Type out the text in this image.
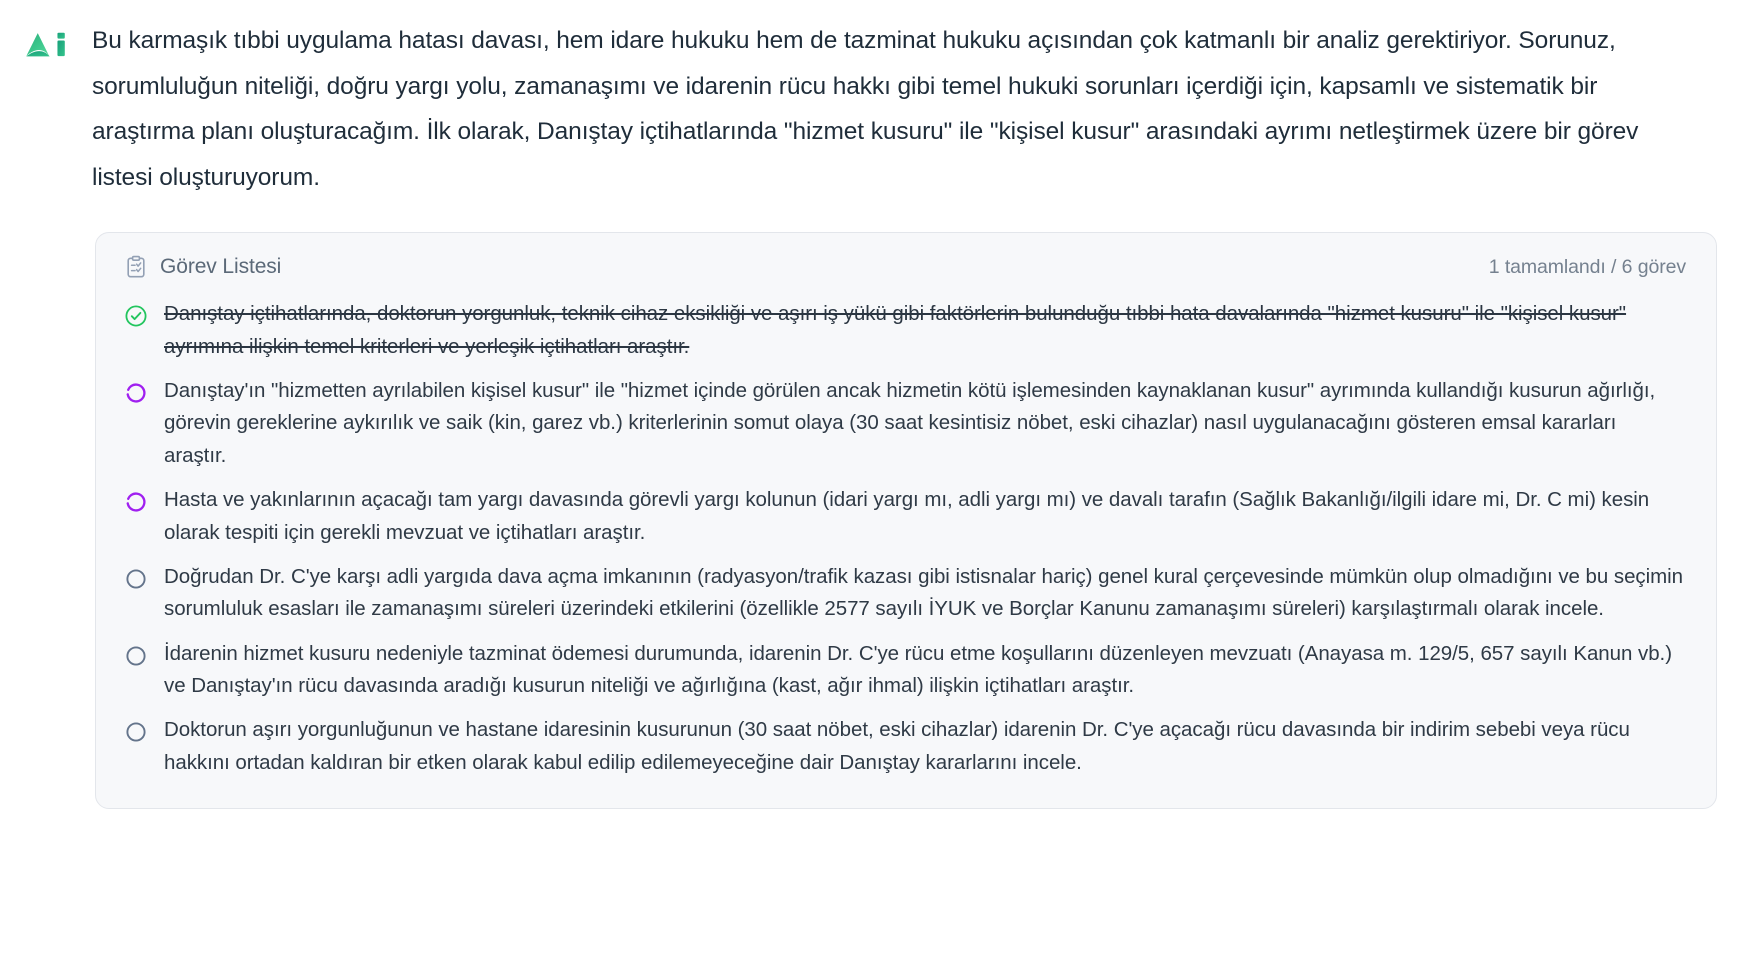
Bu karmaşık tıbbi uygulama hatası davası, hem idare hukuku hem de tazminat hukuku açısından çok katmanlı bir analiz gerektiriyor. Sorunuz, sorumluluğun niteliği, doğru yargı yolu, zamanaşımı ve idarenin rücu hakkı gibi temel hukuki sorunları içerdiği için, kapsamlı ve sistematik bir araştırma planı oluşturacağım. İlk olarak, Danıştay içtihatlarında "hizmet kusuru" ile "kişisel kusur" arasındaki ayrımı netleştirmek üzere bir görev listesi oluşturuyorum.

Görev Listesi	1 tamamlandı / 6 görev
Danıştay içtihatlarında, doktorun yorgunluk, teknik cihaz eksikliği ve aşırı iş yükü gibi faktörlerin bulunduğu tıbbi hata davalarında "hizmet kusuru" ile "kişisel kusur" ayrımına ilişkin temel kriterleri ve yerleşik içtihatları araştır.
Danıştay'ın "hizmetten ayrılabilen kişisel kusur" ile "hizmet içinde görülen ancak hizmetin kötü işlemesinden kaynaklanan kusur" ayrımında kullandığı kusurun ağırlığı, görevin gereklerine aykırılık ve saik (kin, garez vb.) kriterlerinin somut olaya (30 saat kesintisiz nöbet, eski cihazlar) nasıl uygulanacağını gösteren emsal kararları araştır.
Hasta ve yakınlarının açacağı tam yargı davasında görevli yargı kolunun (idari yargı mı, adli yargı mı) ve davalı tarafın (Sağlık Bakanlığı/ilgili idare mi, Dr. C mi) kesin olarak tespiti için gerekli mevzuat ve içtihatları araştır.
Doğrudan Dr. C'ye karşı adli yargıda dava açma imkanının (radyasyon/trafik kazası gibi istisnalar hariç) genel kural çerçevesinde mümkün olup olmadığını ve bu seçimin sorumluluk esasları ile zamanaşımı süreleri üzerindeki etkilerini (özellikle 2577 sayılı İYUK ve Borçlar Kanunu zamanaşımı süreleri) karşılaştırmalı olarak incele.
İdarenin hizmet kusuru nedeniyle tazminat ödemesi durumunda, idarenin Dr. C'ye rücu etme koşullarını düzenleyen mevzuatı (Anayasa m. 129/5, 657 sayılı Kanun vb.) ve Danıştay'ın rücu davasında aradığı kusurun niteliği ve ağırlığına (kast, ağır ihmal) ilişkin içtihatları araştır.
Doktorun aşırı yorgunluğunun ve hastane idaresinin kusurunun (30 saat nöbet, eski cihazlar) idarenin Dr. C'ye açacağı rücu davasında bir indirim sebebi veya rücu hakkını ortadan kaldıran bir etken olarak kabul edilip edilemeyeceğine dair Danıştay kararlarını incele.
